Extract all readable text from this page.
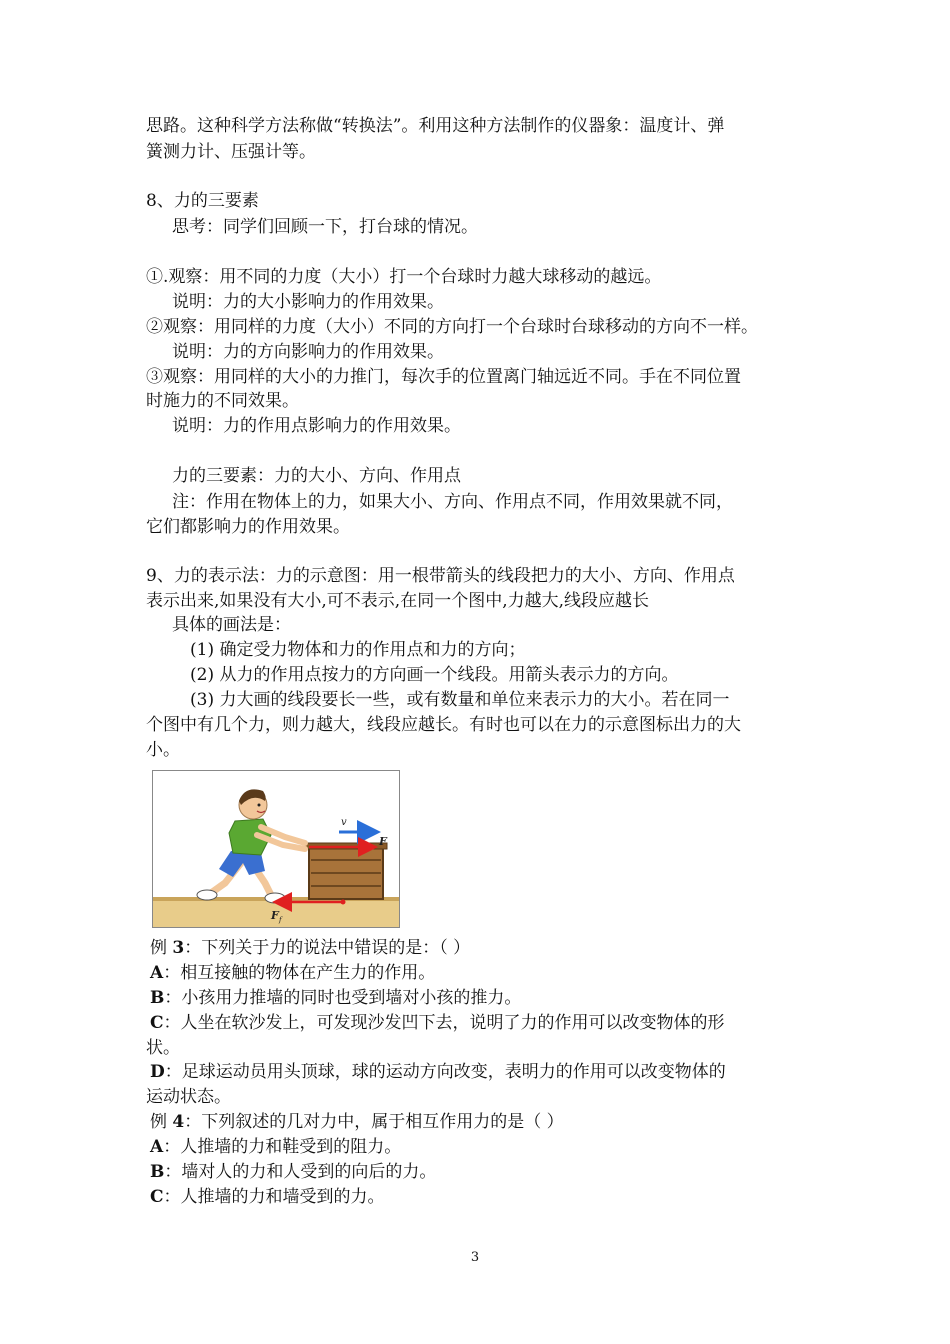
思路。这种科学方法称做“转换法”。利用这种方法制作的仪器象：温度计、弹
簧测力计、压强计等。
8、力的三要素
思考：同学们回顾一下，打台球的情况。
①.观察：用不同的力度（大小）打一个台球时力越大球移动的越远。
说明：力的大小影响力的作用效果。
②观察：用同样的力度（大小）不同的方向打一个台球时台球移动的方向不一样。
说明：力的方向影响力的作用效果。
③观察：用同样的大小的力推门，每次手的位置离门轴远近不同。手在不同位置
时施力的不同效果。
说明：力的作用点影响力的作用效果。
力的三要素：力的大小、方向、作用点
注：作用在物体上的力，如果大小、方向、作用点不同，作用效果就不同，
它们都影响力的作用效果。
9、力的表示法：力的示意图：用一根带箭头的线段把力的大小、方向、作用点
表示出来,如果没有大小,可不表示,在同一个图中,力越大,线段应越长
具体的画法是：
(1) 确定受力物体和力的作用点和力的方向；
(2) 从力的作用点按力的方向画一个线段。用箭头表示力的方向。
(3) 力大画的线段要长一些，或有数量和单位来表示力的大小。若在同一
个图中有几个力，则力越大，线段应越长。有时也可以在力的示意图标出力的大
小。
v
F
F f
例 3：下列关于力的说法中错误的是：（ ）
A：相互接触的物体在产生力的作用。
B：小孩用力推墙的同时也受到墙对小孩的推力。
C：人坐在软沙发上，可发现沙发凹下去，说明了力的作用可以改变物体的形
状。
D：足球运动员用头顶球，球的运动方向改变，表明力的作用可以改变物体的
运动状态。
例 4：下列叙述的几对力中，属于相互作用力的是（ ）
A：人推墙的力和鞋受到的阻力。
B：墙对人的力和人受到的向后的力。
C：人推墙的力和墙受到的力。
3
